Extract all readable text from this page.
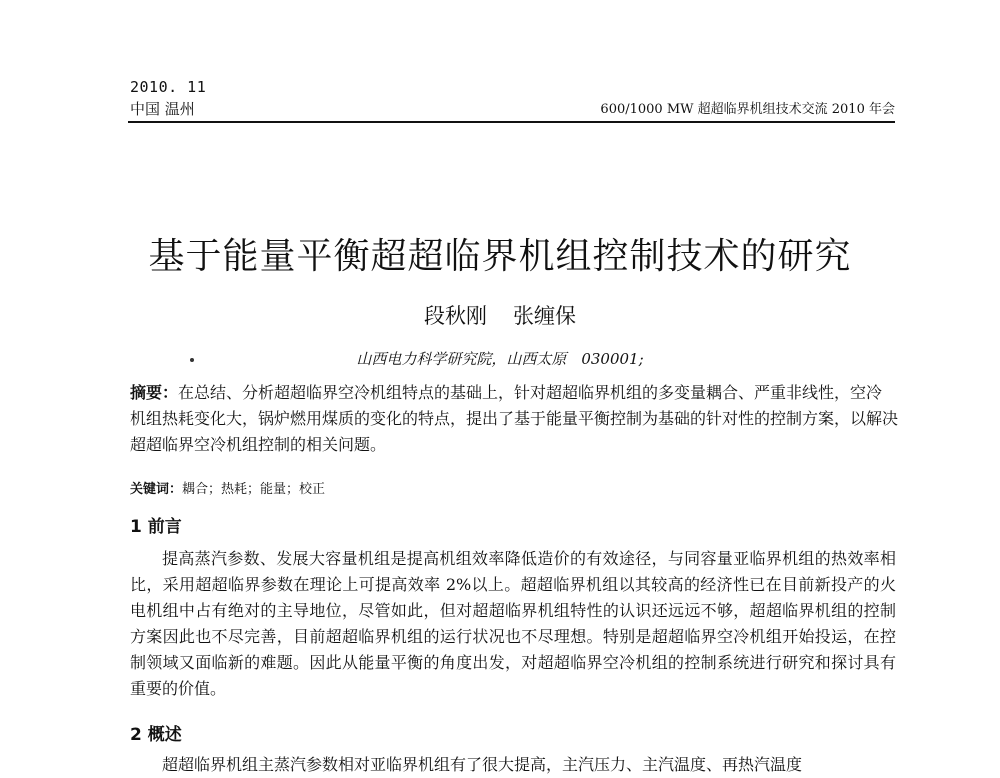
2010. 11
中国 温州	600/1000 MW 超超临界机组技术交流 2010 年会
基于能量平衡超超临界机组控制技术的研究
段秋刚 张缠保
山西电力科学研究院，山西太原　030001;
摘要：在总结、分析超超临界空冷机组特点的基础上，针对超超临界机组的多变量耦合、严重非线性，空冷机组热耗变化大，锅炉燃用煤质的变化的特点，提出了基于能量平衡控制为基础的针对性的控制方案，以解决超超临界空冷机组控制的相关问题。
关键词：耦合；热耗；能量；校正
1 前言
提高蒸汽参数、发展大容量机组是提高机组效率降低造价的有效途径，与同容量亚临界机组的热效率相比，采用超超临界参数在理论上可提高效率 2%以上。超超临界机组以其较高的经济性已在目前新投产的火电机组中占有绝对的主导地位，尽管如此，但对超超临界机组特性的认识还远远不够，超超临界机组的控制方案因此也不尽完善，目前超超临界机组的运行状况也不尽理想。特别是超超临界空冷机组开始投运，在控制领域又面临新的难题。因此从能量平衡的角度出发，对超超临界空冷机组的控制系统进行研究和探讨具有重要的价值。
2 概述
超超临界机组主蒸汽参数相对亚临界机组有了很大提高，主汽压力、主汽温度、再热汽温度
